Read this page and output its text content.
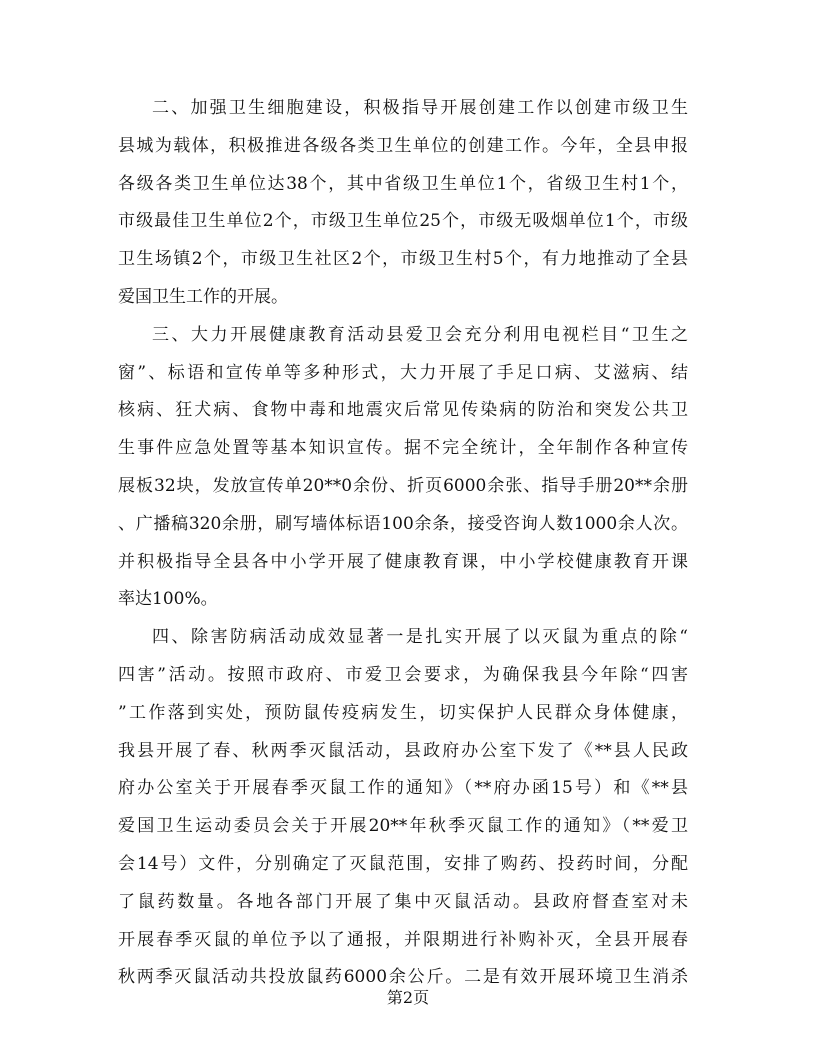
二、加强卫生细胞建设，积极指导开展创建工作以创建市级卫生
县城为载体，积极推进各级各类卫生单位的创建工作。今年，全县申报
各级各类卫生单位达38个，其中省级卫生单位1个，省级卫生村1个，
市级最佳卫生单位2个，市级卫生单位25个，市级无吸烟单位1个，市级
卫生场镇2个，市级卫生社区2个，市级卫生村5个，有力地推动了全县
爱国卫生工作的开展。
三、大力开展健康教育活动县爱卫会充分利用电视栏目“卫生之
窗”、标语和宣传单等多种形式，大力开展了手足口病、艾滋病、结
核病、狂犬病、食物中毒和地震灾后常见传染病的防治和突发公共卫
生事件应急处置等基本知识宣传。据不完全统计，全年制作各种宣传
展板32块，发放宣传单20**0余份、折页6000余张、指导手册20**余册
、广播稿320余册，刷写墙体标语100余条，接受咨询人数1000余人次。
并积极指导全县各中小学开展了健康教育课，中小学校健康教育开课
率达100%。
四、除害防病活动成效显著一是扎实开展了以灭鼠为重点的除“
四害”活动。按照市政府、市爱卫会要求，为确保我县今年除“四害
”工作落到实处，预防鼠传疫病发生，切实保护人民群众身体健康，
我县开展了春、秋两季灭鼠活动，县政府办公室下发了《**县人民政
府办公室关于开展春季灭鼠工作的通知》（**府办函15号）和《**县
爱国卫生运动委员会关于开展20**年秋季灭鼠工作的通知》（**爱卫
会14号）文件，分别确定了灭鼠范围，安排了购药、投药时间，分配
了鼠药数量。各地各部门开展了集中灭鼠活动。县政府督查室对未
开展春季灭鼠的单位予以了通报，并限期进行补购补灭，全县开展春
秋两季灭鼠活动共投放鼠药6000余公斤。二是有效开展环境卫生消杀
第2页
